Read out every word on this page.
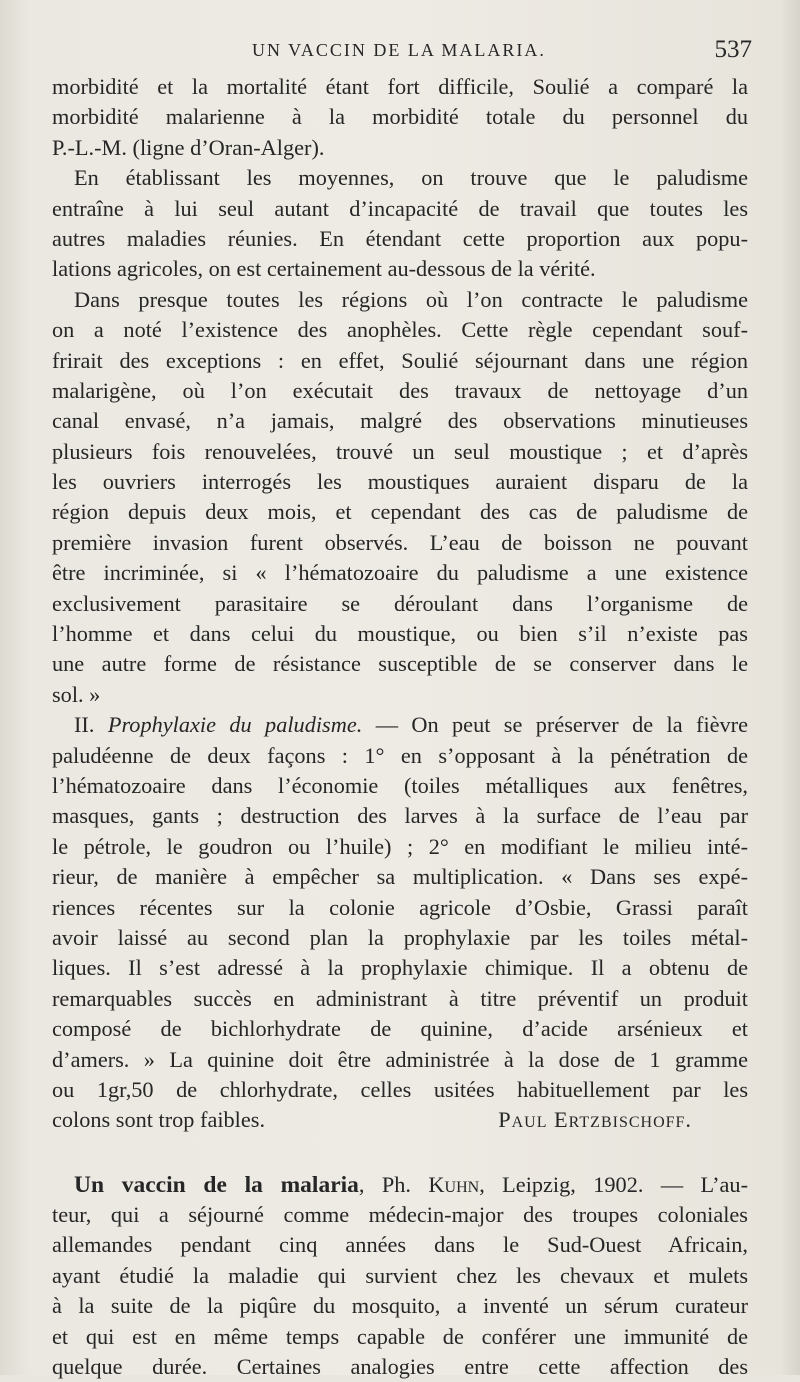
UN VACCIN DE LA MALARIA.	537
morbidité et la mortalité étant fort difficile, Soulié a comparé la
morbidité malarienne à la morbidité totale du personnel du
P.-L.-M. (ligne d’Oran-Alger).
En établissant les moyennes, on trouve que le paludisme
entraîne à lui seul autant d’incapacité de travail que toutes les
autres maladies réunies. En étendant cette proportion aux popu-
lations agricoles, on est certainement au-dessous de la vérité.
Dans presque toutes les régions où l’on contracte le paludisme
on a noté l’existence des anophèles. Cette règle cependant souf-
frirait des exceptions : en effet, Soulié séjournant dans une région
malarigène, où l’on exécutait des travaux de nettoyage d’un
canal envasé, n’a jamais, malgré des observations minutieuses
plusieurs fois renouvelées, trouvé un seul moustique ; et d’après
les ouvriers interrogés les moustiques auraient disparu de la
région depuis deux mois, et cependant des cas de paludisme de
première invasion furent observés. L’eau de boisson ne pouvant
être incriminée, si « l’hématozoaire du paludisme a une existence
exclusivement parasitaire se déroulant dans l’organisme de
l’homme et dans celui du moustique, ou bien s’il n’existe pas
une autre forme de résistance susceptible de se conserver dans le
sol. »
II. Prophylaxie du paludisme. — On peut se préserver de la fièvre
paludéenne de deux façons : 1° en s’opposant à la pénétration de
l’hématozoaire dans l’économie (toiles métalliques aux fenêtres,
masques, gants ; destruction des larves à la surface de l’eau par
le pétrole, le goudron ou l’huile) ; 2° en modifiant le milieu inté-
rieur, de manière à empêcher sa multiplication. « Dans ses expé-
riences récentes sur la colonie agricole d’Osbie, Grassi paraît
avoir laissé au second plan la prophylaxie par les toiles métal-
liques. Il s’est adressé à la prophylaxie chimique. Il a obtenu de
remarquables succès en administrant à titre préventif un produit
composé de bichlorhydrate de quinine, d’acide arsénieux et
d’amers. » La quinine doit être administrée à la dose de 1 gramme
ou 1gr,50 de chlorhydrate, celles usitées habituellement par les
colons sont trop faibles.	Paul Ertzbischoff.
Un vaccin de la malaria, Ph. Kuhn, Leipzig, 1902. — L’au-
teur, qui a séjourné comme médecin-major des troupes coloniales
allemandes pendant cinq années dans le Sud-Ouest Africain,
ayant étudié la maladie qui survient chez les chevaux et mulets
à la suite de la piqûre du mosquito, a inventé un sérum curateur
et qui est en même temps capable de conférer une immunité de
quelque durée. Certaines analogies entre cette affection des
